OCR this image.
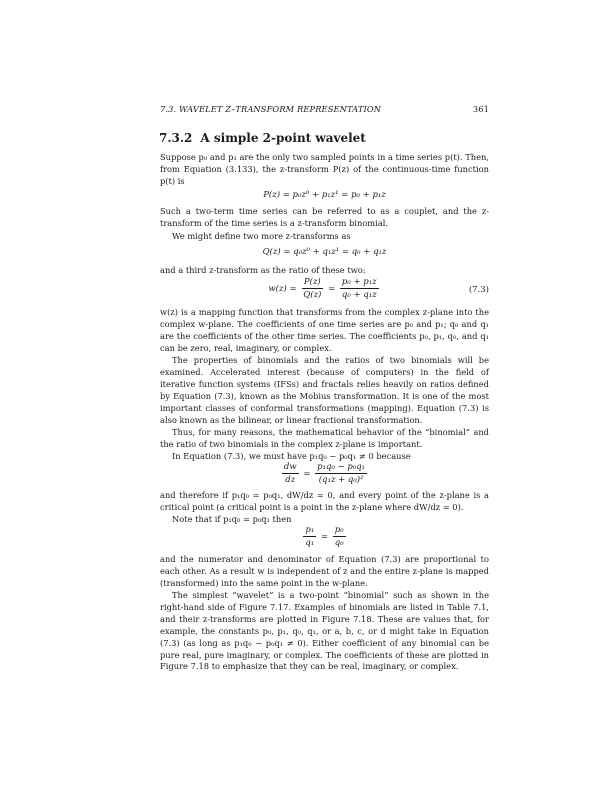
7.3. WAVELET Z–TRANSFORM REPRESENTATION	361
7.3.2 A simple 2-point wavelet
Suppose p₀ and p₁ are the only two sampled points in a time series p(t). Then, from Equation (3.133), the z-transform P(z) of the continuous-time function p(t) is
P(z) = p₀z⁰ + p₁z¹ = p₀ + p₁z
Such a two-term time series can be referred to as a couplet, and the z-transform of the time series is a z-transform binomial.
We might define two more z-transforms as
Q(z) = q₀z⁰ + q₁z¹ = q₀ + q₁z
and a third z-transform as the ratio of these two:
$w(z) = \frac{P(z)}{Q(z)} = \frac{\text{p₀ + p₁z}}{\text{q₀ + q₁z}}$	(7.3)
w(z) is a mapping function that transforms from the complex z-plane into the complex w-plane. The coefficients of one time series are p₀ and p₁; q₀ and q₁ are the coefficients of the other time series. The coefficients p₀, p₁, q₀, and q₁ can be zero, real, imaginary, or complex.
The properties of binomials and the ratios of two binomials will be examined. Accelerated interest (because of computers) in the field of iterative function systems (IFSs) and fractals relies heavily on ratios defined by Equation (7.3), known as the Mobius transformation. It is one of the most important classes of conformal transformations (mapping). Equation (7.3) is also known as the bilinear, or linear fractional transformation.
Thus, for many reasons, the mathematical behavior of the “binomial” and the ratio of two binomials in the complex z-plane is important.
In Equation (7.3), we must have p₁q₀ − p₀q₁ ≠ 0 because
$\frac{dw}{dz} = \frac{\text{p₁q₀ − p₀q₁}}{\text{(q₁z + q₀)²}}$
and therefore if p₁q₀ = p₀q₁, dW/dz = 0, and every point of the z-plane is a critical point (a critical point is a point in the z-plane where dW/dz = 0).
Note that if p₁q₀ = p₀q₁ then
$\frac{\text{p₁}}{\text{q₁}} = \frac{\text{p₀}}{\text{q₀}}$
and the numerator and denominator of Equation (7.3) are proportional to each other. As a result w is independent of z and the entire z-plane is mapped (transformed) into the same point in the w-plane.
The simplest “wavelet” is a two-point “binomial” such as shown in the right-hand side of Figure 7.17. Examples of binomials are listed in Table 7.1, and their z-transforms are plotted in Figure 7.18. These are values that, for example, the constants p₀, p₁, q₀, q₁, or a, b, c, or d might take in Equation (7.3) (as long as p₁q₀ − p₀q₁ ≠ 0). Either coefficient of any binomial can be pure real, pure imaginary, or complex. The coefficients of these are plotted in Figure 7.18 to emphasize that they can be real, imaginary, or complex.
